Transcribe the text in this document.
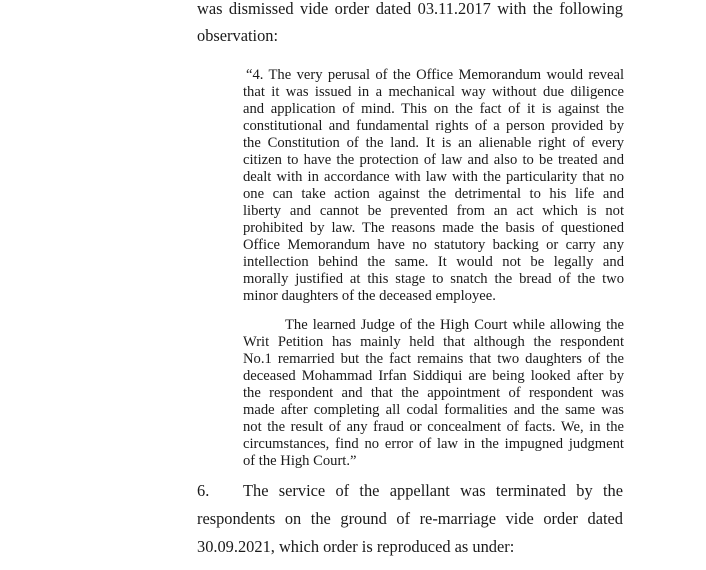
was dismissed vide order dated 03.11.2017 with the following
observation:
“4. The very perusal of the Office Memorandum would reveal
that it was issued in a mechanical way without due diligence
and application of mind. This on the fact of it is against the
constitutional and fundamental rights of a person provided by
the Constitution of the land. It is an alienable right of every
citizen to have the protection of law and also to be treated and
dealt with in accordance with law with the particularity that no
one can take action against the detrimental to his life and
liberty and cannot be prevented from an act which is not
prohibited by law. The reasons made the basis of questioned
Office Memorandum have no statutory backing or carry any
intellection behind the same. It would not be legally and
morally justified at this stage to snatch the bread of the two
minor daughters of the deceased employee.
The learned Judge of the High Court while allowing the
Writ Petition has mainly held that although the respondent
No.1 remarried but the fact remains that two daughters of the
deceased Mohammad Irfan Siddiqui are being looked after by
the respondent and that the appointment of respondent was
made after completing all codal formalities and the same was
not the result of any fraud or concealment of facts. We, in the
circumstances, find no error of law in the impugned judgment
of the High Court.”
6. The service of the appellant was terminated by the
respondents on the ground of re-marriage vide order dated
30.09.2021, which order is reproduced as under:
